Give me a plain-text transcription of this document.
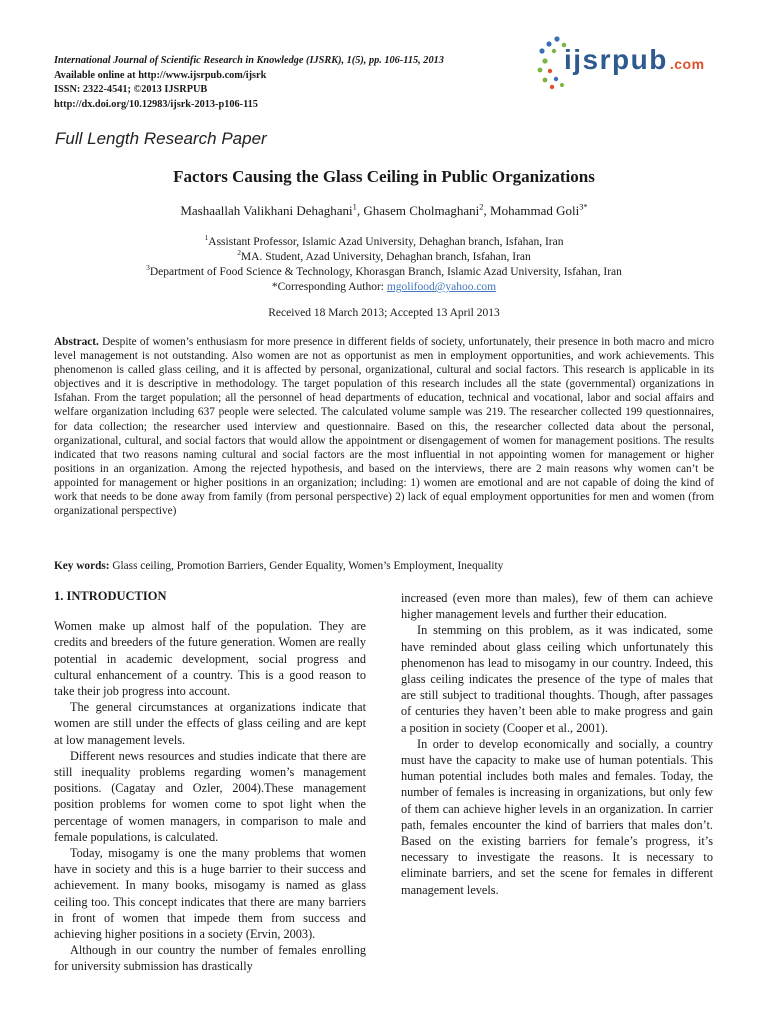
International Journal of Scientific Research in Knowledge (IJSRK), 1(5), pp. 106-115, 2013
Available online at http://www.ijsrpub.com/ijsrk
ISSN: 2322-4541; ©2013 IJSRPUB
http://dx.doi.org/10.12983/ijsrk-2013-p106-115
ijsrpub .com
Full Length Research Paper
Factors Causing the Glass Ceiling in Public Organizations
Mashaallah Valikhani Dehaghani$^1$, Ghasem Cholmaghani$^2$, Mohammad Goli$^{3*}$
$^1$Assistant Professor, Islamic Azad University, Dehaghan branch, Isfahan, Iran
$^2$MA. Student, Azad University, Dehaghan branch, Isfahan, Iran
$^3$Department of Food Science & Technology, Khorasgan Branch, Islamic Azad University, Isfahan, Iran
*Corresponding Author: mgolifood@yahoo.com
Received 18 March 2013; Accepted 13 April 2013
Abstract. Despite of women’s enthusiasm for more presence in different fields of society, unfortunately, their presence in both macro and micro level management is not outstanding. Also women are not as opportunist as men in employment opportunities, and work achievements. This phenomenon is called glass ceiling, and it is affected by personal, organizational, cultural and social factors. This research is applicable in its objectives and it is descriptive in methodology. The target population of this research includes all the state (governmental) organizations in Isfahan. From the target population; all the personnel of head departments of education, technical and vocational, labor and social affairs and welfare organization including 637 people were selected. The calculated volume sample was 219. The researcher collected 199 questionnaires, for data collection; the researcher used interview and questionnaire. Based on this, the researcher collected data about the personal, organizational, cultural, and social factors that would allow the appointment or disengagement of women for management positions. The results indicated that two reasons naming cultural and social factors are the most influential in not appointing women for management or higher positions in an organization. Among the rejected hypothesis, and based on the interviews, there are 2 main reasons why women can’t be appointed for management or higher positions in an organization; including: 1) women are emotional and are not capable of doing the kind of work that needs to be done away from family (from personal perspective) 2) lack of equal employment opportunities for men and women (from organizational perspective)
Key words: Glass ceiling, Promotion Barriers, Gender Equality, Women’s Employment, Inequality
1. INTRODUCTION

Women make up almost half of the population. They are credits and breeders of the future generation. Women are really potential in academic development, social progress and cultural enhancement of a country. This is a good reason to take their job progress into account.

The general circumstances at organizations indicate that women are still under the effects of glass ceiling and are kept at low management levels.

Different news resources and studies indicate that there are still inequality problems regarding women’s management positions. (Cagatay and Ozler, 2004).These management position problems for women come to spot light when the percentage of women managers, in comparison to male and female populations, is calculated.

Today, misogamy is one the many problems that women have in society and this is a huge barrier to their success and achievement. In many books, misogamy is named as glass ceiling too. This concept indicates that there are many barriers in front of women that impede them from success and achieving higher positions in a society (Ervin, 2003).

Although in our country the number of females enrolling for university submission has drastically

increased (even more than males), few of them can achieve higher management levels and further their education.

In stemming on this problem, as it was indicated, some have reminded about glass ceiling which unfortunately this phenomenon has lead to misogamy in our country. Indeed, this glass ceiling indicates the presence of the type of males that are still subject to traditional thoughts. Though, after passages of centuries they haven’t been able to make progress and gain a position in society (Cooper et al., 2001).

In order to develop economically and socially, a country must have the capacity to make use of human potentials. This human potential includes both males and females. Today, the number of females is increasing in organizations, but only few of them can achieve higher levels in an organization. In carrier path, females encounter the kind of barriers that males don’t. Based on the existing barriers for female’s progress, it’s necessary to investigate the reasons. It is necessary to eliminate barriers, and set the scene for females in different management levels.
